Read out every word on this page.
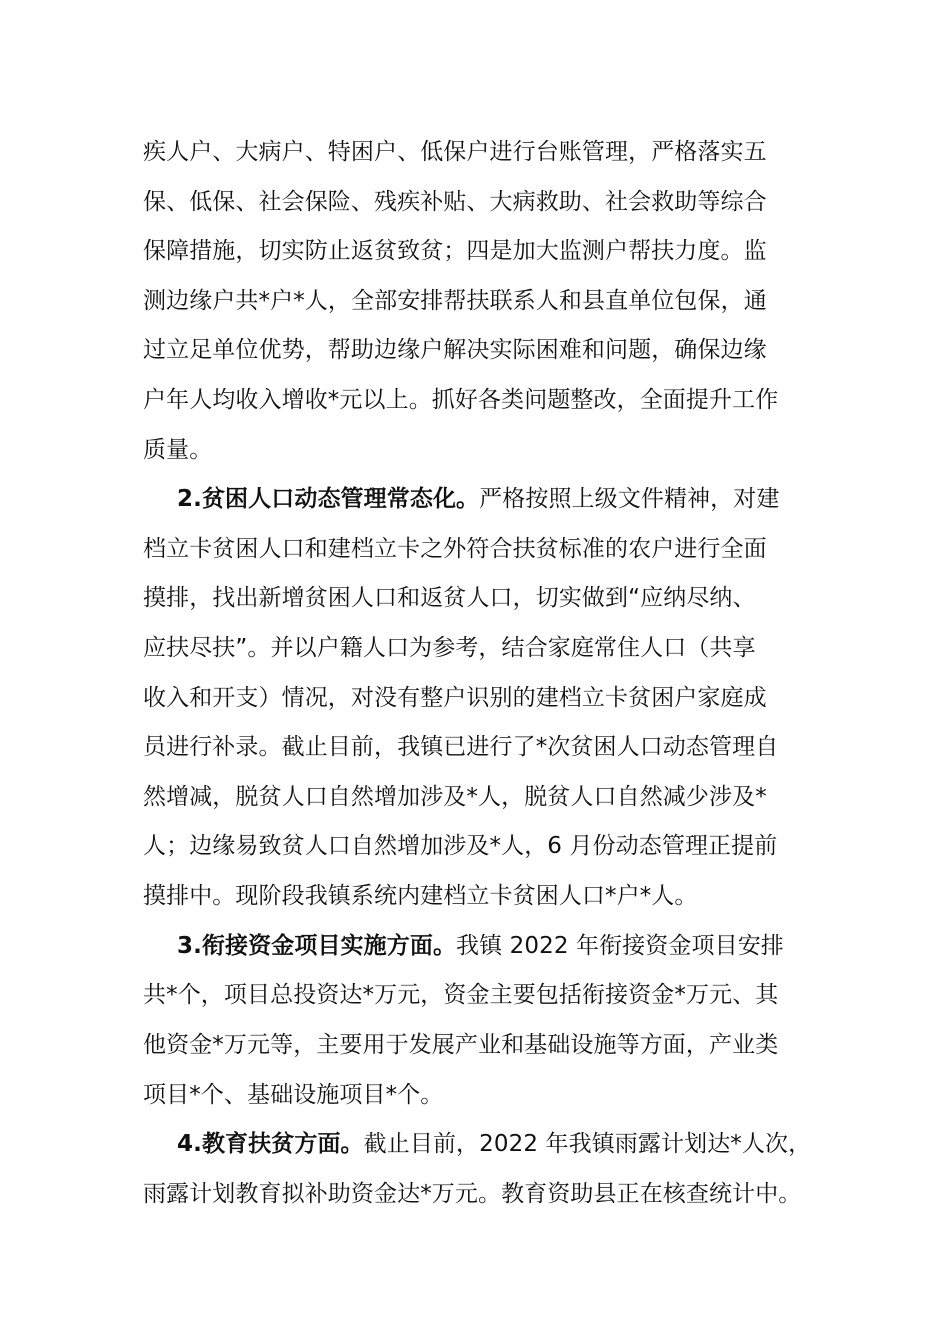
疾人户、大病户、特困户、低保户进行台账管理，严格落实五
保、低保、社会保险、残疾补贴、大病救助、社会救助等综合
保障措施，切实防止返贫致贫；四是加大监测户帮扶力度。监
测边缘户共*户*人，全部安排帮扶联系人和县直单位包保，通
过立足单位优势，帮助边缘户解决实际困难和问题，确保边缘
户年人均收入增收*元以上。抓好各类问题整改，全面提升工作
质量。
2.贫困人口动态管理常态化。严格按照上级文件精神，对建
档立卡贫困人口和建档立卡之外符合扶贫标准的农户进行全面
摸排，找出新增贫困人口和返贫人口，切实做到“应纳尽纳、
应扶尽扶”。并以户籍人口为参考，结合家庭常住人口（共享
收入和开支）情况，对没有整户识别的建档立卡贫困户家庭成
员进行补录。截止目前，我镇已进行了*次贫困人口动态管理自
然增减，脱贫人口自然增加涉及*人，脱贫人口自然减少涉及*
人；边缘易致贫人口自然增加涉及*人，6 月份动态管理正提前
摸排中。现阶段我镇系统内建档立卡贫困人口*户*人。
3.衔接资金项目实施方面。我镇 2022 年衔接资金项目安排
共*个，项目总投资达*万元，资金主要包括衔接资金*万元、其
他资金*万元等，主要用于发展产业和基础设施等方面，产业类
项目*个、基础设施项目*个。
4.教育扶贫方面。截止目前，2022 年我镇雨露计划达*人次，
雨露计划教育拟补助资金达*万元。教育资助县正在核查统计中。
